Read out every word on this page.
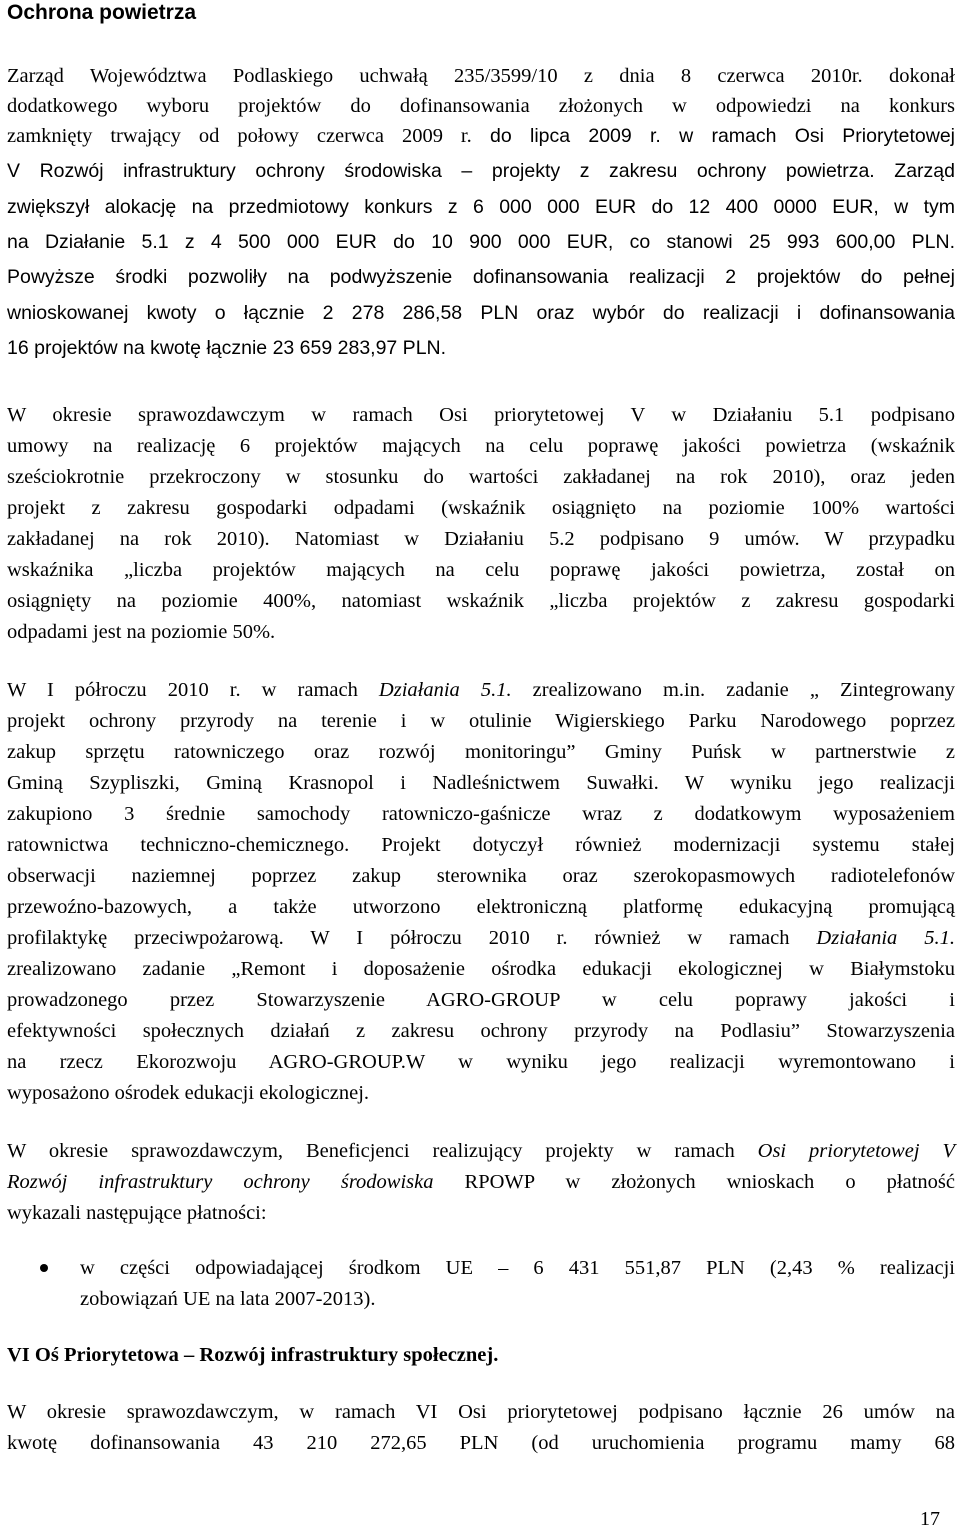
Ochrona powietrza
Zarząd Województwa Podlaskiego uchwałą 235/3599/10 z dnia 8 czerwca 2010r. dokonał
dodatkowego wyboru projektów do dofinansowania złożonych w odpowiedzi na konkurs
zamknięty trwający od połowy czerwca 2009 r. do lipca 2009 r. w ramach Osi Priorytetowej
V Rozwój infrastruktury ochrony środowiska – projekty z zakresu ochrony powietrza. Zarząd
zwiększył alokację na przedmiotowy konkurs z 6 000 000 EUR do 12 400 0000 EUR, w tym
na Działanie 5.1 z 4 500 000 EUR do 10 900 000 EUR, co stanowi 25 993 600,00 PLN.
Powyższe środki pozwoliły na podwyższenie dofinansowania realizacji 2 projektów do pełnej
wnioskowanej kwoty o łącznie 2 278 286,58 PLN oraz wybór do realizacji i dofinansowania
16 projektów na kwotę łącznie 23 659 283,97 PLN.
W okresie sprawozdawczym w ramach Osi priorytetowej V w Działaniu 5.1 podpisano
umowy na realizację 6 projektów mających na celu poprawę jakości powietrza (wskaźnik
sześciokrotnie przekroczony w stosunku do wartości zakładanej na rok 2010), oraz jeden
projekt z zakresu gospodarki odpadami (wskaźnik osiągnięto na poziomie 100% wartości
zakładanej na rok 2010). Natomiast w Działaniu 5.2 podpisano 9 umów. W przypadku
wskaźnika „liczba projektów mających na celu poprawę jakości powietrza, został on
osiągnięty na poziomie 400%, natomiast wskaźnik „liczba projektów z zakresu gospodarki
odpadami jest na poziomie 50%.
W I półroczu 2010 r. w ramach Działania 5.1. zrealizowano m.in. zadanie „ Zintegrowany
projekt ochrony przyrody na terenie i w otulinie Wigierskiego Parku Narodowego poprzez
zakup sprzętu ratowniczego oraz rozwój monitoringu” Gminy Puńsk w partnerstwie z
Gminą Szypliszki, Gminą Krasnopol i Nadleśnictwem Suwałki. W wyniku jego realizacji
zakupiono 3 średnie samochody ratowniczo-gaśnicze wraz z dodatkowym wyposażeniem
ratownictwa techniczno-chemicznego. Projekt dotyczył również modernizacji systemu stałej
obserwacji naziemnej poprzez zakup sterownika oraz szerokopasmowych radiotelefonów
przewoźno-bazowych, a także utworzono elektroniczną platformę edukacyjną promującą
profilaktykę przeciwpożarową. W I półroczu 2010 r. również w ramach Działania 5.1.
zrealizowano zadanie „Remont i doposażenie ośrodka edukacji ekologicznej w Białymstoku
prowadzonego przez Stowarzyszenie AGRO-GROUP w celu poprawy jakości i
efektywności społecznych działań z zakresu ochrony przyrody na Podlasiu” Stowarzyszenia
na rzecz Ekorozwoju AGRO-GROUP.W w wyniku jego realizacji wyremontowano i
wyposażono ośrodek edukacji ekologicznej.
W okresie sprawozdawczym, Beneficjenci realizujący projekty w ramach Osi priorytetowej V
Rozwój infrastruktury ochrony środowiska RPOWP w złożonych wnioskach o płatność
wykazali następujące płatności:
w części odpowiadającej środkom UE – 6 431 551,87 PLN (2,43 % realizacji
zobowiązań UE na lata 2007-2013).
VI Oś Priorytetowa – Rozwój infrastruktury społecznej.
W okresie sprawozdawczym, w ramach VI Osi priorytetowej podpisano łącznie 26 umów na
kwotę dofinansowania 43 210 272,65 PLN (od uruchomienia programu mamy 68
17
